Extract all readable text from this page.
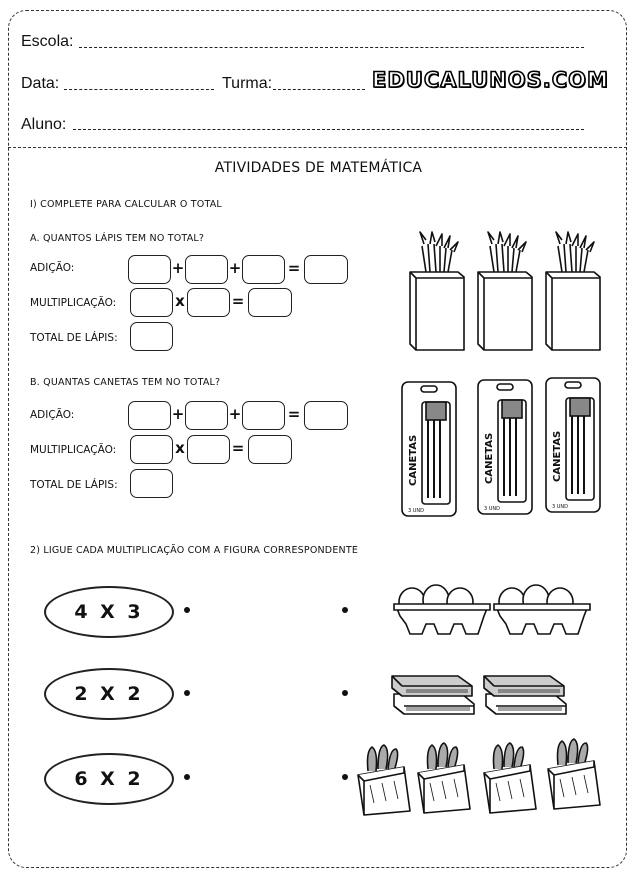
Escola:
Data:	Turma:	EDUCALUNOS.COM
Aluno:
ATIVIDADES DE MATEMÁTICA
I) COMPLETE PARA CALCULAR O TOTAL
A. QUANTOS LÁPIS TEM NO TOTAL?
ADIÇÃO:	+	+	=
MULTIPLICAÇÃO:	x	=
TOTAL DE LÁPIS:
B. QUANTAS CANETAS TEM NO TOTAL?
ADIÇÃO:	+	+	=
MULTIPLICAÇÃO:	x	=
TOTAL DE LÁPIS:	CANETAS
3 UND
CANETAS
3 UND
CANETAS
3 UND
2) LIGUE CADA MULTIPLICAÇÃO COM A FIGURA CORRESPONDENTE
4 X 3
2 X 2
6 X 2
